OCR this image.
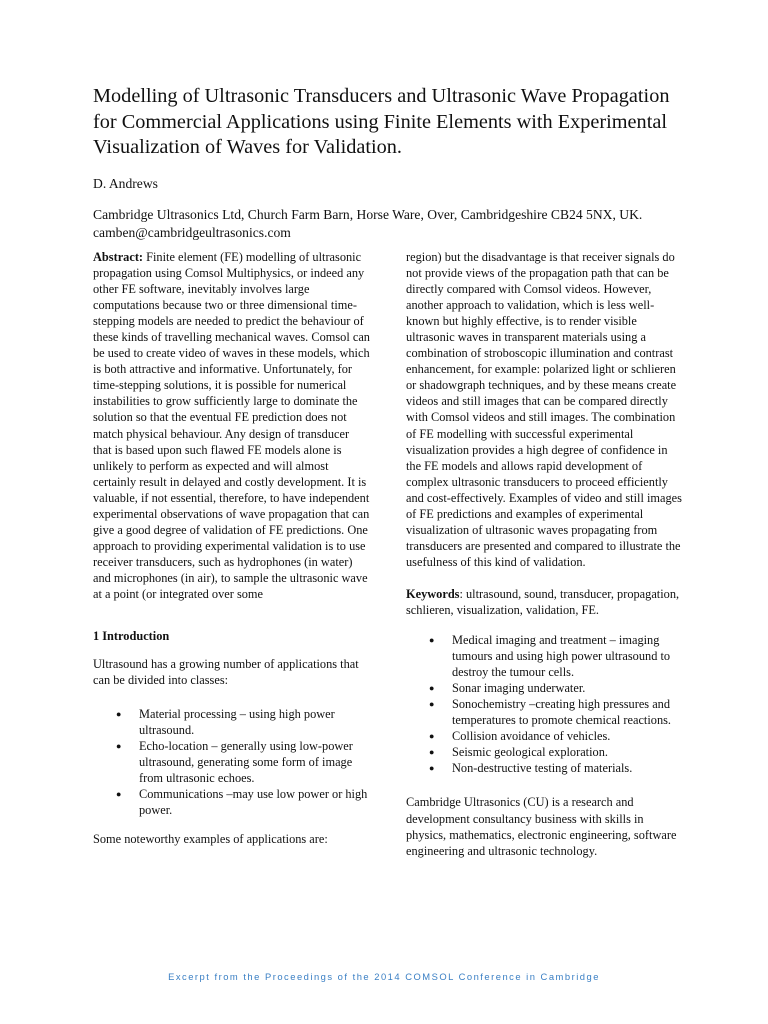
Modelling of Ultrasonic Transducers and Ultrasonic Wave Propagation for Commercial Applications using Finite Elements with Experimental Visualization of Waves for Validation.
D. Andrews
Cambridge Ultrasonics Ltd, Church Farm Barn, Horse Ware, Over, Cambridgeshire CB24 5NX, UK.
camben@cambridgeultrasonics.com

Abstract: Finite element (FE) modelling of ultrasonic propagation using Comsol Multiphysics, or indeed any other FE software, inevitably involves large computations because two or three dimensional time-stepping models are needed to predict the behaviour of these kinds of travelling mechanical waves. Comsol can be used to create video of waves in these models, which is both attractive and informative. Unfortunately, for time-stepping solutions, it is possible for numerical instabilities to grow sufficiently large to dominate the solution so that the eventual FE prediction does not match physical behaviour. Any design of transducer that is based upon such flawed FE models alone is unlikely to perform as expected and will almost certainly result in delayed and costly development. It is valuable, if not essential, therefore, to have independent experimental observations of wave propagation that can give a good degree of validation of FE predictions. One approach to providing experimental validation is to use receiver transducers, such as hydrophones (in water) and microphones (in air), to sample the ultrasonic wave at a point (or integrated over some

1 Introduction

Ultrasound has a growing number of applications that can be divided into classes:

● Material processing – using high power ultrasound.
● Echo-location – generally using low-power ultrasound, generating some form of image from ultrasonic echoes.
● Communications –may use low power or high power.

Some noteworthy examples of applications are:

region) but the disadvantage is that receiver signals do not provide views of the propagation path that can be directly compared with Comsol videos. However, another approach to validation, which is less well-known but highly effective, is to render visible ultrasonic waves in transparent materials using a combination of stroboscopic illumination and contrast enhancement, for example: polarized light or schlieren or shadowgraph techniques, and by these means create videos and still images that can be compared directly with Comsol videos and still images. The combination of FE modelling with successful experimental visualization provides a high degree of confidence in the FE models and allows rapid development of complex ultrasonic transducers to proceed efficiently and cost-effectively. Examples of video and still images of FE predictions and examples of experimental visualization of ultrasonic waves propagating from transducers are presented and compared to illustrate the usefulness of this kind of validation.

Keywords: ultrasound, sound, transducer, propagation, schlieren, visualization, validation, FE.

● Medical imaging and treatment – imaging tumours and using high power ultrasound to destroy the tumour cells.
● Sonar imaging underwater.
● Sonochemistry –creating high pressures and temperatures to promote chemical reactions.
● Collision avoidance of vehicles.
● Seismic geological exploration.
● Non-destructive testing of materials.

Cambridge Ultrasonics (CU) is a research and development consultancy business with skills in physics, mathematics, electronic engineering, software engineering and ultrasonic technology.

Excerpt from the Proceedings of the 2014 COMSOL Conference in Cambridge
